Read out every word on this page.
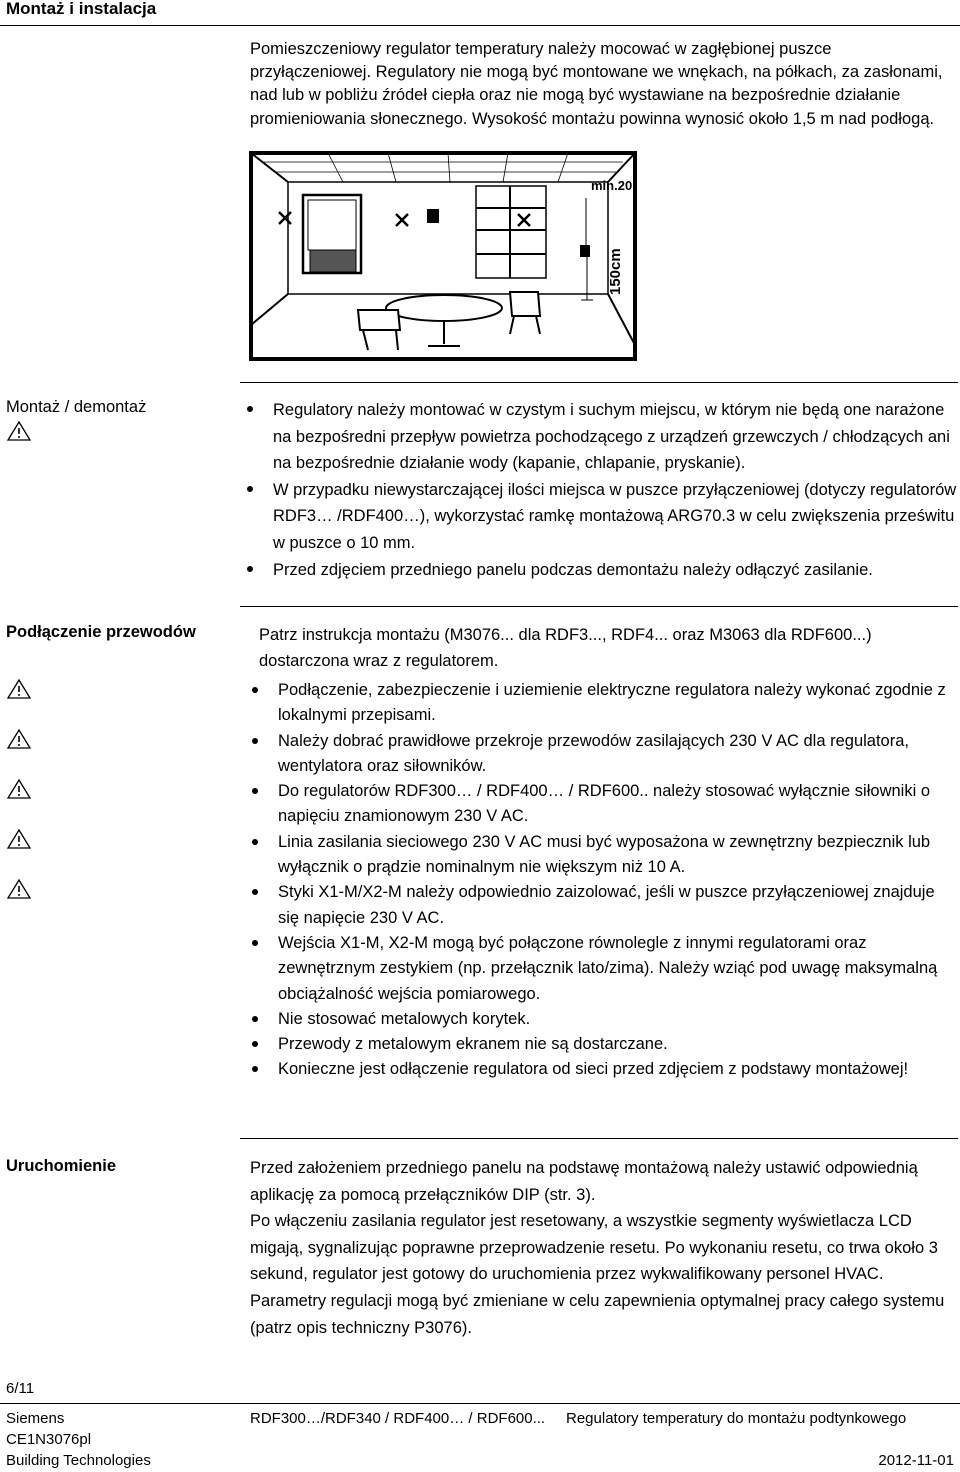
Montaż i instalacja
Pomieszczeniowy regulator temperatury należy mocować w zagłębionej puszce przyłączeniowej. Regulatory nie mogą być montowane we wnękach, na półkach, za zasłonami, nad lub w pobliżu źródeł ciepła oraz nie mogą być wystawiane na bezpośrednie działanie promieniowania słonecznego. Wysokość montażu powinna wynosić około 1,5 m nad podłogą.
min.20
150cm
Montaż / demontaż	Regulatory należy montować w czystym i suchym miejscu, w którym nie będą one narażone na bezpośredni przepływ powietrza pochodzącego z urządzeń grzewczych / chłodzących ani na bezpośrednie działanie wody (kapanie, chlapanie, pryskanie).
W przypadku niewystarczającej ilości miejsca w puszce przyłączeniowej (dotyczy regulatorów RDF3… /RDF400…), wykorzystać ramkę montażową ARG70.3 w celu zwiększenia prześwitu w puszce o 10 mm.
Przed zdjęciem przedniego panelu podczas demontażu należy odłączyć zasilanie.
Podłączenie przewodów	Patrz instrukcja montażu (M3076... dla RDF3..., RDF4... oraz M3063 dla RDF600...) dostarczona wraz z regulatorem.
Podłączenie, zabezpieczenie i uziemienie elektryczne regulatora należy wykonać zgodnie z lokalnymi przepisami.
Należy dobrać prawidłowe przekroje przewodów zasilających 230 V AC dla regulatora, wentylatora oraz siłowników.
Do regulatorów RDF300… / RDF400… / RDF600.. należy stosować wyłącznie siłowniki o napięciu znamionowym 230 V AC.
Linia zasilania sieciowego 230 V AC musi być wyposażona w zewnętrzny bezpiecznik lub wyłącznik o prądzie nominalnym nie większym niż 10 A.
Styki X1-M/X2-M należy odpowiednio zaizolować, jeśli w puszce przyłączeniowej znajduje się napięcie 230 V AC.
Wejścia X1-M, X2-M mogą być połączone równolegle z innymi regulatorami oraz zewnętrznym zestykiem (np. przełącznik lato/zima). Należy wziąć pod uwagę maksymalną obciążalność wejścia pomiarowego.
Nie stosować metalowych korytek.
Przewody z metalowym ekranem nie są dostarczane.
Konieczne jest odłączenie regulatora od sieci przed zdjęciem z podstawy montażowej!
Uruchomienie	Przed założeniem przedniego panelu na podstawę montażową należy ustawić odpowiednią aplikację za pomocą przełączników DIP (str. 3).

Po włączeniu zasilania regulator jest resetowany, a wszystkie segmenty wyświetlacza LCD migają, sygnalizując poprawne przeprowadzenie resetu. Po wykonaniu resetu, co trwa około 3 sekund, regulator jest gotowy do uruchomienia przez wykwalifikowany personel HVAC.

Parametry regulacji mogą być zmieniane w celu zapewnienia optymalnej pracy całego systemu (patrz opis techniczny P3076).

6/11
Siemens
CE1N3076pl
Building Technologies
RDF300…/RDF340 / RDF400… / RDF600... Regulatory temperatury do montażu podtynkowego
2012-11-01
